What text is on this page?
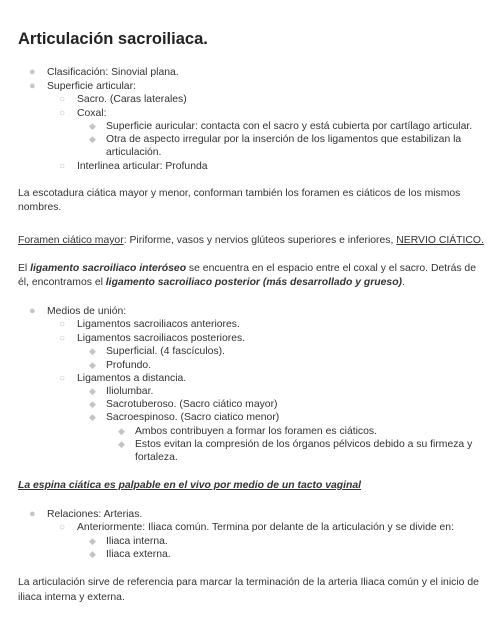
Articulación sacroiliaca.
● Clasificación: Sinovial plana.
● Superficie articular:
○ Sacro. (Caras laterales)
○ Coxal:
◆ Superficie auricular: contacta con el sacro y está cubierta por cartílago articular.
◆ Otra de aspecto irregular por la inserción de los ligamentos que estabilizan la
articulación.
○ Interlinea articular: Profunda
La escotadura ciática mayor y menor, conforman también los foramen es ciáticos de los mismos
nombres.
Foramen ciático mayor: Piriforme, vasos y nervios glúteos superiores e inferiores, NERVIO CIÁTICO.
El ligamento sacroiliaco interóseo se encuentra en el espacio entre el coxal y el sacro. Detrás de
él, encontramos el ligamento sacroiliaco posterior (más desarrollado y grueso).
● Medios de unión:
○ Ligamentos sacroiliacos anteriores.
○ Ligamentos sacroiliacos posteriores.
◆ Superficial. (4 fascículos).
◆ Profundo.
○ Ligamentos a distancia.
◆ Iliolumbar.
◆ Sacrotuberoso. (Sacro ciático mayor)
◆ Sacroespinoso. (Sacro ciatico menor)
◆ Ambos contribuyen a formar los foramen es ciáticos.
◆ Estos evitan la compresión de los órganos pélvicos debido a su firmeza y
fortaleza.
La espina ciática es palpable en el vivo por medio de un tacto vaginal
● Relaciones: Arterias.
○ Anteriormente: Iliaca común. Termina por delante de la articulación y se divide en:
◆ Iliaca interna.
◆ Iliaca externa.
La articulación sirve de referencia para marcar la terminación de la arteria Iliaca común y el inicio de
iliaca interna y externa.
